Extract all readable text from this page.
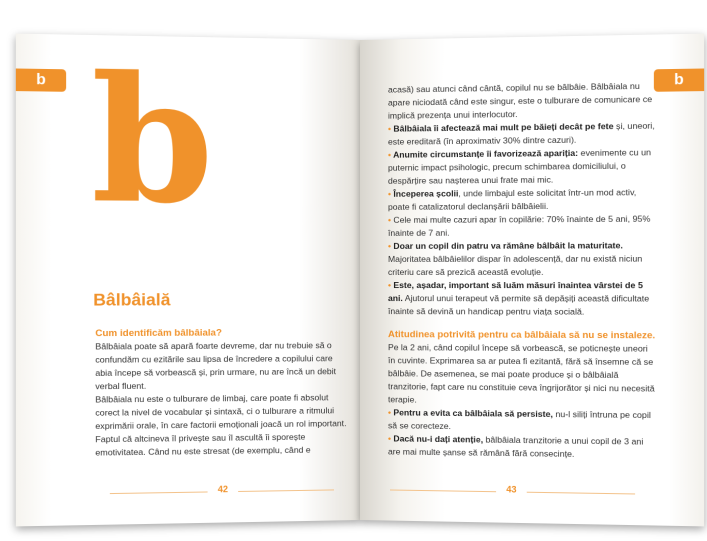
b b
Bâlbâială

Cum identificăm bâlbâiala?

Bâlbâiala poate să apară foarte devreme, dar nu trebuie să o confundăm cu ezitările sau lipsa de încredere a copilului care abia începe să vorbească și, prin urmare, nu are încă un debit verbal fluent.

Bâlbâiala nu este o tulburare de limbaj, care poate fi absolut corect la nivel de vocabular și sintaxă, ci o tulburare a ritmului exprimării orale, în care factorii emoționali joacă un rol important.

Faptul că altcineva îl privește sau îl ascultă îi sporește emotivitatea. Când nu este stresat (de exemplu, când e

42
b

acasă) sau atunci când cântă, copilul nu se bâlbâie. Bâlbâiala nu apare niciodată când este singur, este o tulburare de comunicare ce implică prezența unui interlocutor.

• Bâlbâiala îi afectează mai mult pe băieți decât pe fete și, uneori, este ereditară (în aproximativ 30% dintre cazuri).

• Anumite circumstanțe îi favorizează apariția: evenimente cu un puternic impact psihologic, precum schimbarea domiciliului, o despărțire sau nașterea unui frate mai mic.

• Începerea școlii, unde limbajul este solicitat într-un mod activ, poate fi catalizatorul declanșării bâlbâielii.

• Cele mai multe cazuri apar în copilărie: 70% înainte de 5 ani, 95% înainte de 7 ani.

• Doar un copil din patru va rămâne bâlbâit la maturitate. Majoritatea bâlbâielilor dispar în adolescență, dar nu există niciun criteriu care să prezică această evoluție.

• Este, așadar, important să luăm măsuri înaintea vârstei de 5 ani. Ajutorul unui terapeut vă permite să depășiți această dificultate înainte să devină un handicap pentru viața socială.

Atitudinea potrivită pentru ca bâlbâiala să nu se instaleze.

Pe la 2 ani, când copilul începe să vorbească, se poticnește uneori în cuvinte. Exprimarea sa ar putea fi ezitantă, fără să însemne că se bâlbâie. De asemenea, se mai poate produce și o bâlbâială tranzitorie, fapt care nu constituie ceva îngrijorător și nici nu necesită terapie.

• Pentru a evita ca bâlbâiala să persiste, nu-l siliți întruna pe copil să se corecteze.

• Dacă nu-i dați atenție, bâlbâiala tranzitorie a unui copil de 3 ani are mai multe șanse să rămână fără consecințe.

43
